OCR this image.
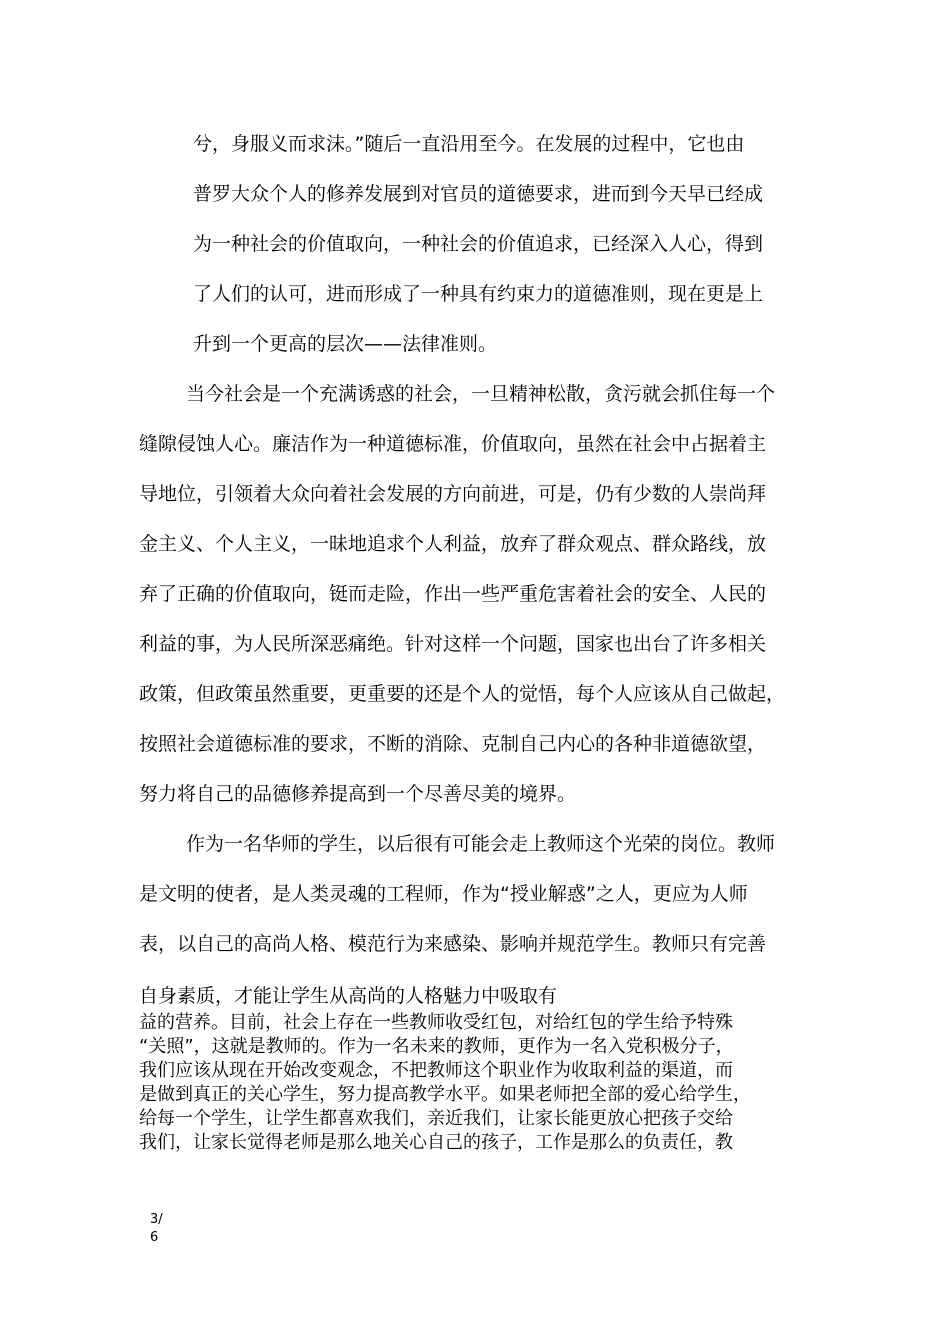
兮，身服义而求沫。”随后一直沿用至今。在发展的过程中，它也由
普罗大众个人的修养发展到对官员的道德要求，进而到今天早已经成
为一种社会的价值取向，一种社会的价值追求，已经深入人心，得到
了人们的认可，进而形成了一种具有约束力的道德准则，现在更是上
升到一个更高的层次——法律准则。
当今社会是一个充满诱惑的社会，一旦精神松散，贪污就会抓住每一个
缝隙侵蚀人心。廉洁作为一种道德标准，价值取向，虽然在社会中占据着主
导地位，引领着大众向着社会发展的方向前进，可是，仍有少数的人崇尚拜
金主义、个人主义，一昧地追求个人利益，放弃了群众观点、群众路线，放
弃了正确的价值取向，铤而走险，作出一些严重危害着社会的安全、人民的
利益的事，为人民所深恶痛绝。针对这样一个问题，国家也出台了许多相关
政策，但政策虽然重要，更重要的还是个人的觉悟，每个人应该从自己做起，
按照社会道德标准的要求，不断的消除、克制自己内心的各种非道德欲望，
努力将自己的品德修养提高到一个尽善尽美的境界。
作为一名华师的学生，以后很有可能会走上教师这个光荣的岗位。教师
是文明的使者，是人类灵魂的工程师，作为“授业解惑”之人，更应为人师
表，以自己的高尚人格、模范行为来感染、影响并规范学生。教师只有完善
自身素质，才能让学生从高尚的人格魅力中吸取有
益的营养。目前，社会上存在一些教师收受红包，对给红包的学生给予特殊
“关照”，这就是教师的。作为一名未来的教师，更作为一名入党积极分子，
我们应该从现在开始改变观念，不把教师这个职业作为收取利益的渠道，而
是做到真正的关心学生，努力提高教学水平。如果老师把全部的爱心给学生，
给每一个学生，让学生都喜欢我们，亲近我们，让家长能更放心把孩子交给
我们，让家长觉得老师是那么地关心自己的孩子，工作是那么的负责任，教
3/
6
